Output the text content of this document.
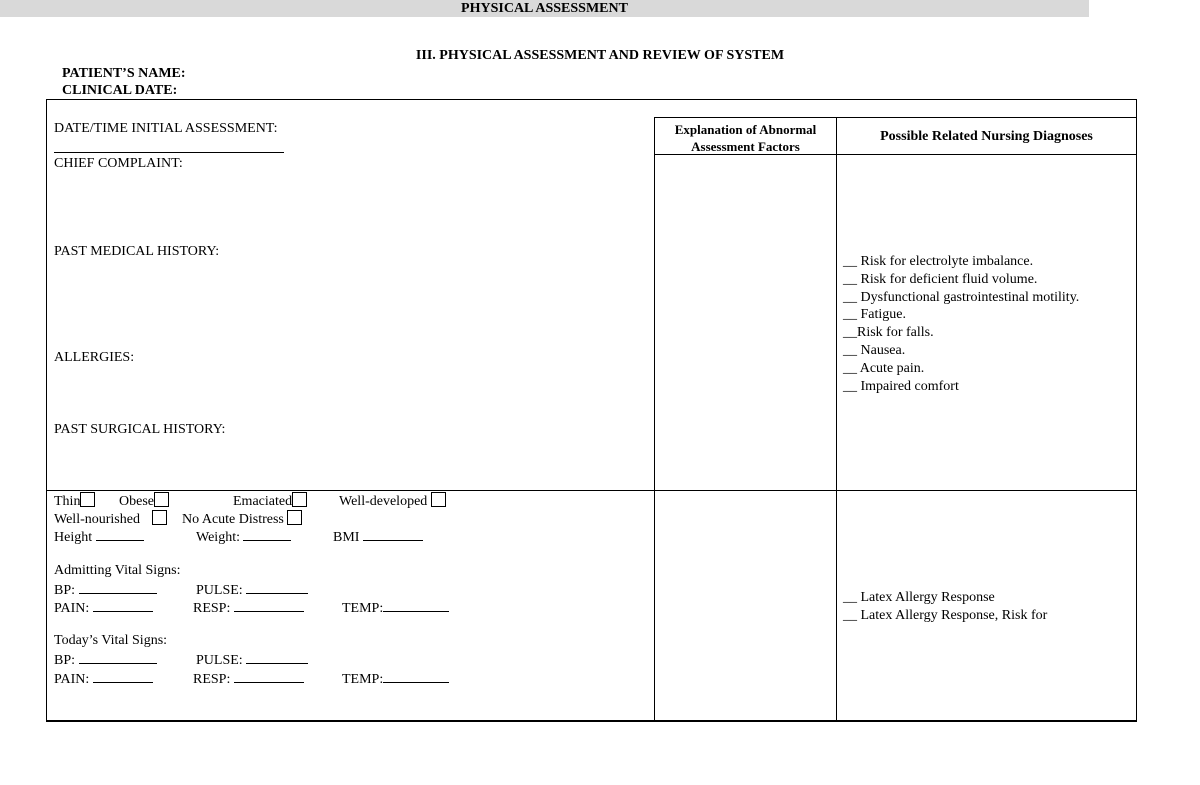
III. PHYSICAL ASSESSMENT AND REVIEW OF SYSTEM
PATIENT’S NAME:
CLINICAL DATE:
PHYSICAL ASSESSMENT
Explanation of Abnormal Assessment Factors
Possible Related Nursing Diagnoses
DATE/TIME INITIAL ASSESSMENT:
CHIEF COMPLAINT:
PAST MEDICAL HISTORY:
ALLERGIES:
PAST SURGICAL HISTORY:
__ Risk for electrolyte imbalance.
__ Risk for deficient fluid volume.
__ Dysfunctional gastrointestinal motility.
__ Fatigue.
__Risk for falls.
__ Nausea.
__ Acute pain.
__ Impaired comfort
Thin	Obese	Emaciated	Well-developed
Well-nourished	No Acute Distress
Height	Weight:	BMI
Admitting Vital Signs:
BP:	PULSE:
PAIN:	RESP:	TEMP:
Today’s Vital Signs:
BP:	PULSE:
PAIN:	RESP:	TEMP:
__ Latex Allergy Response
__ Latex Allergy Response, Risk for
